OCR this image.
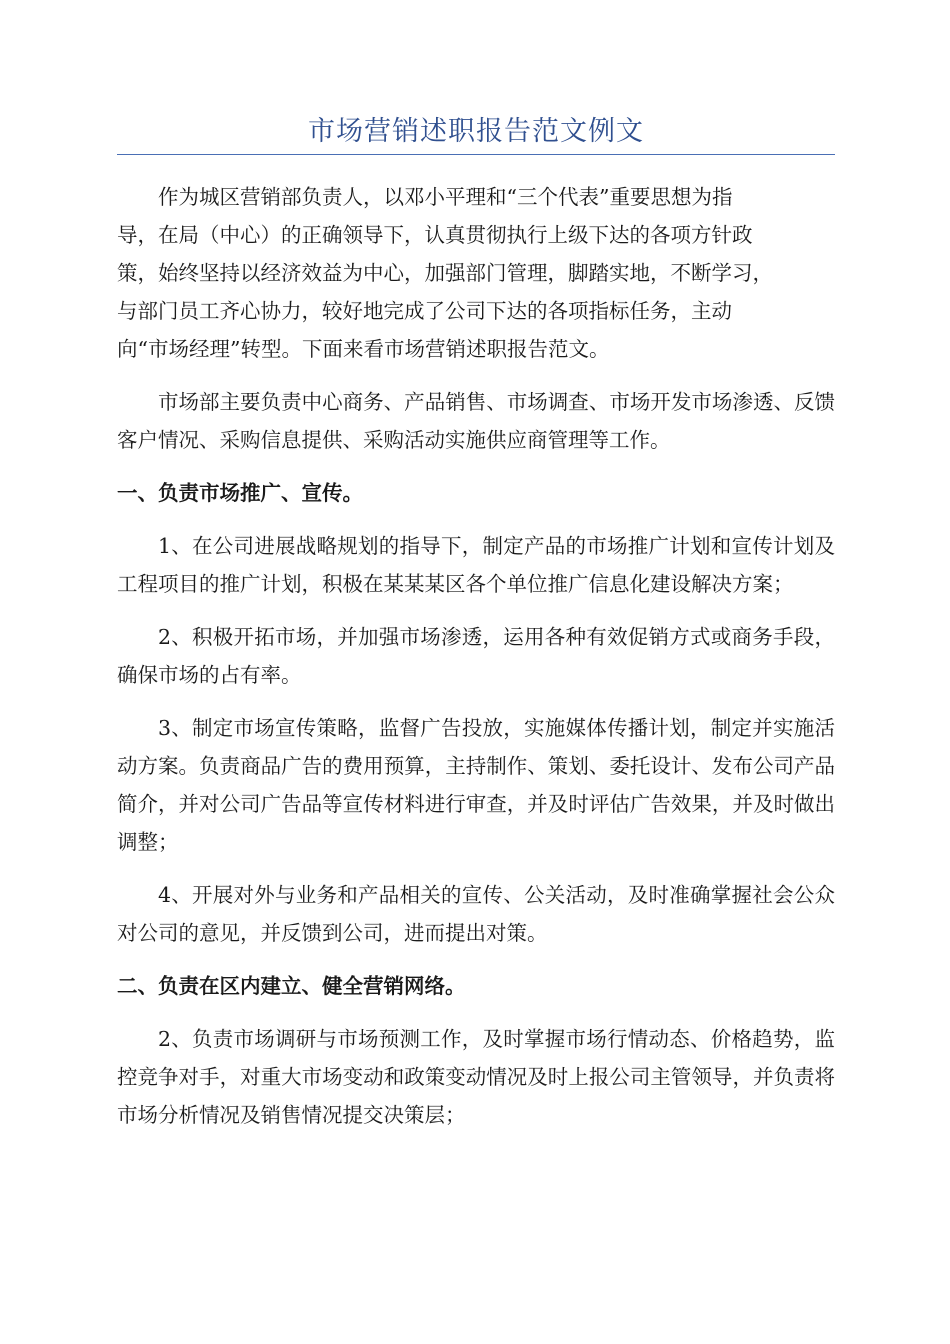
市场营销述职报告范文例文

作为城区营销部负责人，以邓小平理和“三个代表”重要思想为指

导，在局（中心）的正确领导下，认真贯彻执行上级下达的各项方针政

策，始终坚持以经济效益为中心，加强部门管理，脚踏实地，不断学习，

与部门员工齐心协力，较好地完成了公司下达的各项指标任务，主动

向“市场经理”转型。下面来看市场营销述职报告范文。

市场部主要负责中心商务、产品销售、市场调查、市场开发市场渗透、反馈客户情况、采购信息提供、采购活动实施供应商管理等工作。

一、负责市场推广、宣传。

1、在公司进展战略规划的指导下，制定产品的市场推广计划和宣传计划及工程项目的推广计划，积极在某某某区各个单位推广信息化建设解决方案；

2、积极开拓市场，并加强市场渗透，运用各种有效促销方式或商务手段，确保市场的占有率。

3、制定市场宣传策略，监督广告投放，实施媒体传播计划，制定并实施活动方案。负责商品广告的费用预算，主持制作、策划、委托设计、发布公司产品简介，并对公司广告品等宣传材料进行审查，并及时评估广告效果，并及时做出调整；

4、开展对外与业务和产品相关的宣传、公关活动，及时准确掌握社会公众对公司的意见，并反馈到公司，进而提出对策。

二、负责在区内建立、健全营销网络。

2、负责市场调研与市场预测工作，及时掌握市场行情动态、价格趋势，监控竞争对手，对重大市场变动和政策变动情况及时上报公司主管领导，并负责将市场分析情况及销售情况提交决策层；
